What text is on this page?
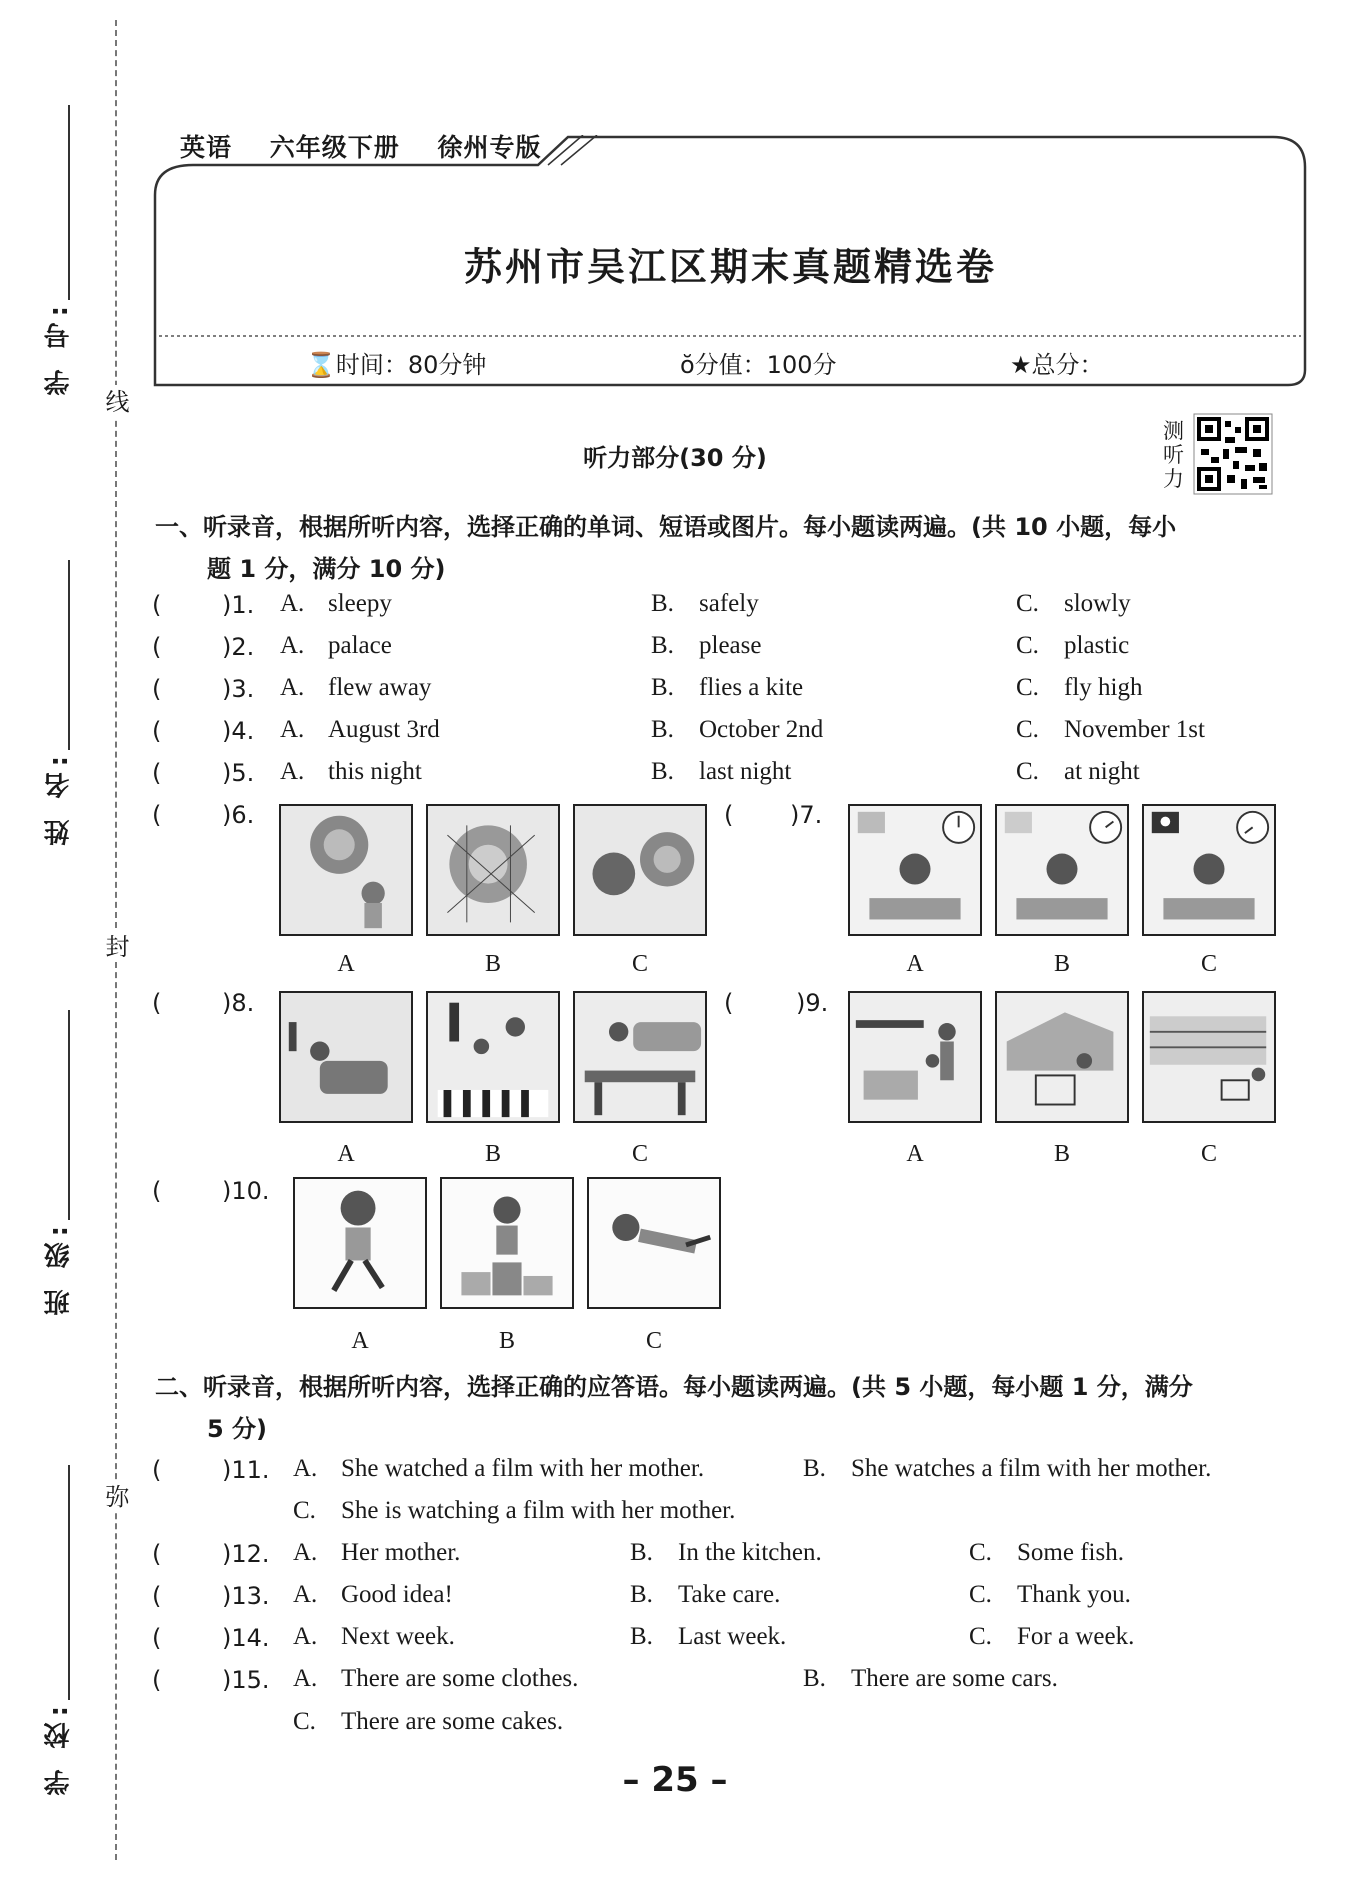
学 号:
姓 名:
班 级:
学 校:
线
封
弥
英语 六年级下册 徐州专版
苏州市吴江区期末真题精选卷
⌛时间：80分钟	ŏ分值：100分	★总分：
听力部分(30 分)
测听力
一、听录音，根据所听内容，选择正确的单词、短语或图片。每小题读两遍。(共 10 小题，每小
题 1 分，满分 10 分)
(	)1. A. sleepy	B. safely	C. slowly
(	)2. A. palace	B. please	C. plastic
(	)3. A. flew away	B. flies a kite	C. fly high
(	)4. A. August 3rd	B. October 2nd	C. November 1st
(	)5. A. this night	B. last night	C. at night
(	)6.
A	B	C
( )7.
A	B	C
(	)8.
A	B	C
(	)9.
A	B	C
(	)10.
A	B	C
二、听录音，根据所听内容，选择正确的应答语。每小题读两遍。(共 5 小题，每小题 1 分，满分
5 分)
(	)11. A. She watched a film with her mother.	B. She watches a film with her mother.
C. She is watching a film with her mother.
(	)12. A. Her mother.	B. In the kitchen.	C. Some fish.
(	)13. A. Good idea!	B. Take care.	C. Thank you.
(	)14. A. Next week.	B. Last week.	C. For a week.
(	)15. A. There are some clothes.	B. There are some cars.
C. There are some cakes.
– 25 –
